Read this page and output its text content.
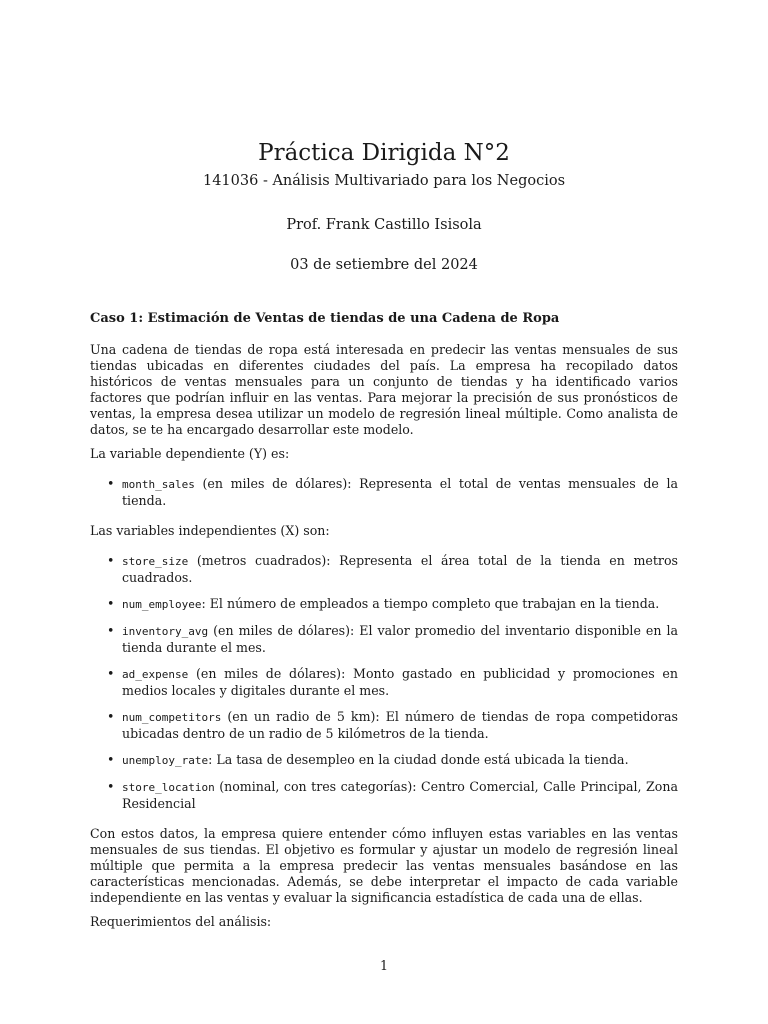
Práctica Dirigida N°2
141036 - Análisis Multivariado para los Negocios
Prof. Frank Castillo Isisola
03 de setiembre del 2024
Caso 1: Estimación de Ventas de tiendas de una Cadena de Ropa

Una cadena de tiendas de ropa está interesada en predecir las ventas mensuales de sus tiendas ubicadas en diferentes ciudades del país. La empresa ha recopilado datos históricos de ventas mensuales para un conjunto de tiendas y ha identificado varios factores que podrían influir en las ventas. Para mejorar la precisión de sus pronósticos de ventas, la empresa desea utilizar un modelo de regresión lineal múltiple. Como analista de datos, se te ha encargado desarrollar este modelo.

La variable dependiente (Y) es:

• month_sales (en miles de dólares): Representa el total de ventas mensuales de la tienda.

Las variables independientes (X) son:

• store_size (metros cuadrados): Representa el área total de la tienda en metros cuadrados.
• num_employee: El número de empleados a tiempo completo que trabajan en la tienda.
• inventory_avg (en miles de dólares): El valor promedio del inventario disponible en la tienda durante el mes.
• ad_expense (en miles de dólares): Monto gastado en publicidad y promociones en medios locales y digitales durante el mes.
• num_competitors (en un radio de 5 km): El número de tiendas de ropa competidoras ubicadas dentro de un radio de 5 kilómetros de la tienda.
• unemploy_rate: La tasa de desempleo en la ciudad donde está ubicada la tienda.
• store_location (nominal, con tres categorías): Centro Comercial, Calle Principal, Zona Residencial

Con estos datos, la empresa quiere entender cómo influyen estas variables en las ventas mensuales de sus tiendas. El objetivo es formular y ajustar un modelo de regresión lineal múltiple que permita a la empresa predecir las ventas mensuales basándose en las características mencionadas. Además, se debe interpretar el impacto de cada variable independiente en las ventas y evaluar la significancia estadística de cada una de ellas.

Requerimientos del análisis:

1
